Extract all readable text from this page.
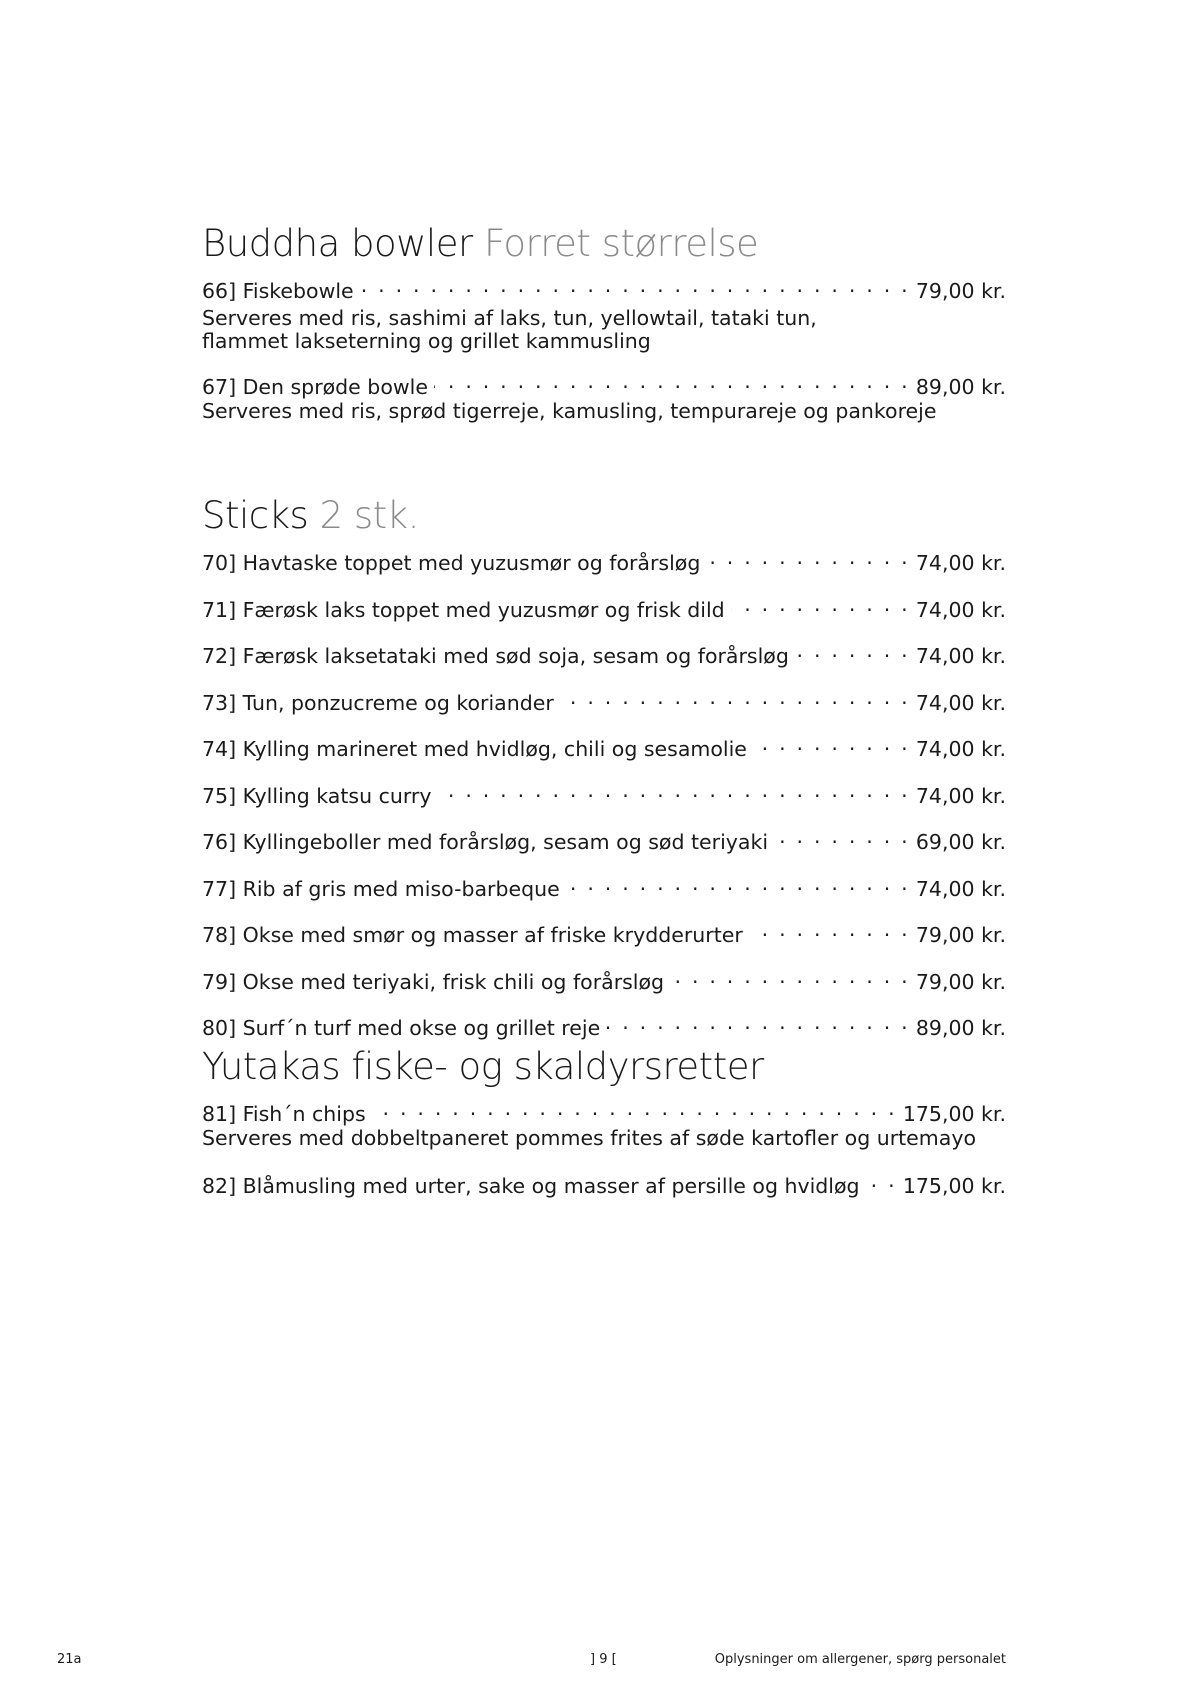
Buddha bowler Forret størrelse
66] Fiskebowle . . .	79,00 kr.

Serveres med ris, sashimi af laks, tun, yellowtail, tataki tun,
flammet lakseterning og grillet kammusling

67] Den sprøde bowle . . .	89,00 kr.

Serveres med ris, sprød tigerreje, kamusling, tempurareje og pankoreje

Sticks 2 stk.
70] Havtaske toppet med yuzusmør og forårsløg . . .	74,00 kr.
71] Færøsk laks toppet med yuzusmør og frisk dild . . .	74,00 kr.
72] Færøsk laksetataki med sød soja, sesam og forårsløg . . .	74,00 kr.
73] Tun, ponzucreme og koriander . . .	74,00 kr.
74] Kylling marineret med hvidløg, chili og sesamolie . . .	74,00 kr.
75] Kylling katsu curry . . .	74,00 kr.
76] Kyllingeboller med forårsløg, sesam og sød teriyaki . . .	69,00 kr.
77] Rib af gris med miso-barbeque . . .	74,00 kr.
78] Okse med smør og masser af friske krydderurter . . .	79,00 kr.
79] Okse med teriyaki, frisk chili og forårsløg . . .	79,00 kr.
80] Surf´n turf med okse og grillet reje . . .	89,00 kr.
Yutakas fiske- og skaldyrsretter
81] Fish´n chips . . .	175,00 kr.

Serveres med dobbeltpaneret pommes frites af søde kartofler og urtemayo

82] Blåmusling med urter, sake og masser af persille og hvidløg . . . 175,00 kr.
21a	] 9 [	Oplysninger om allergener, spørg personalet
